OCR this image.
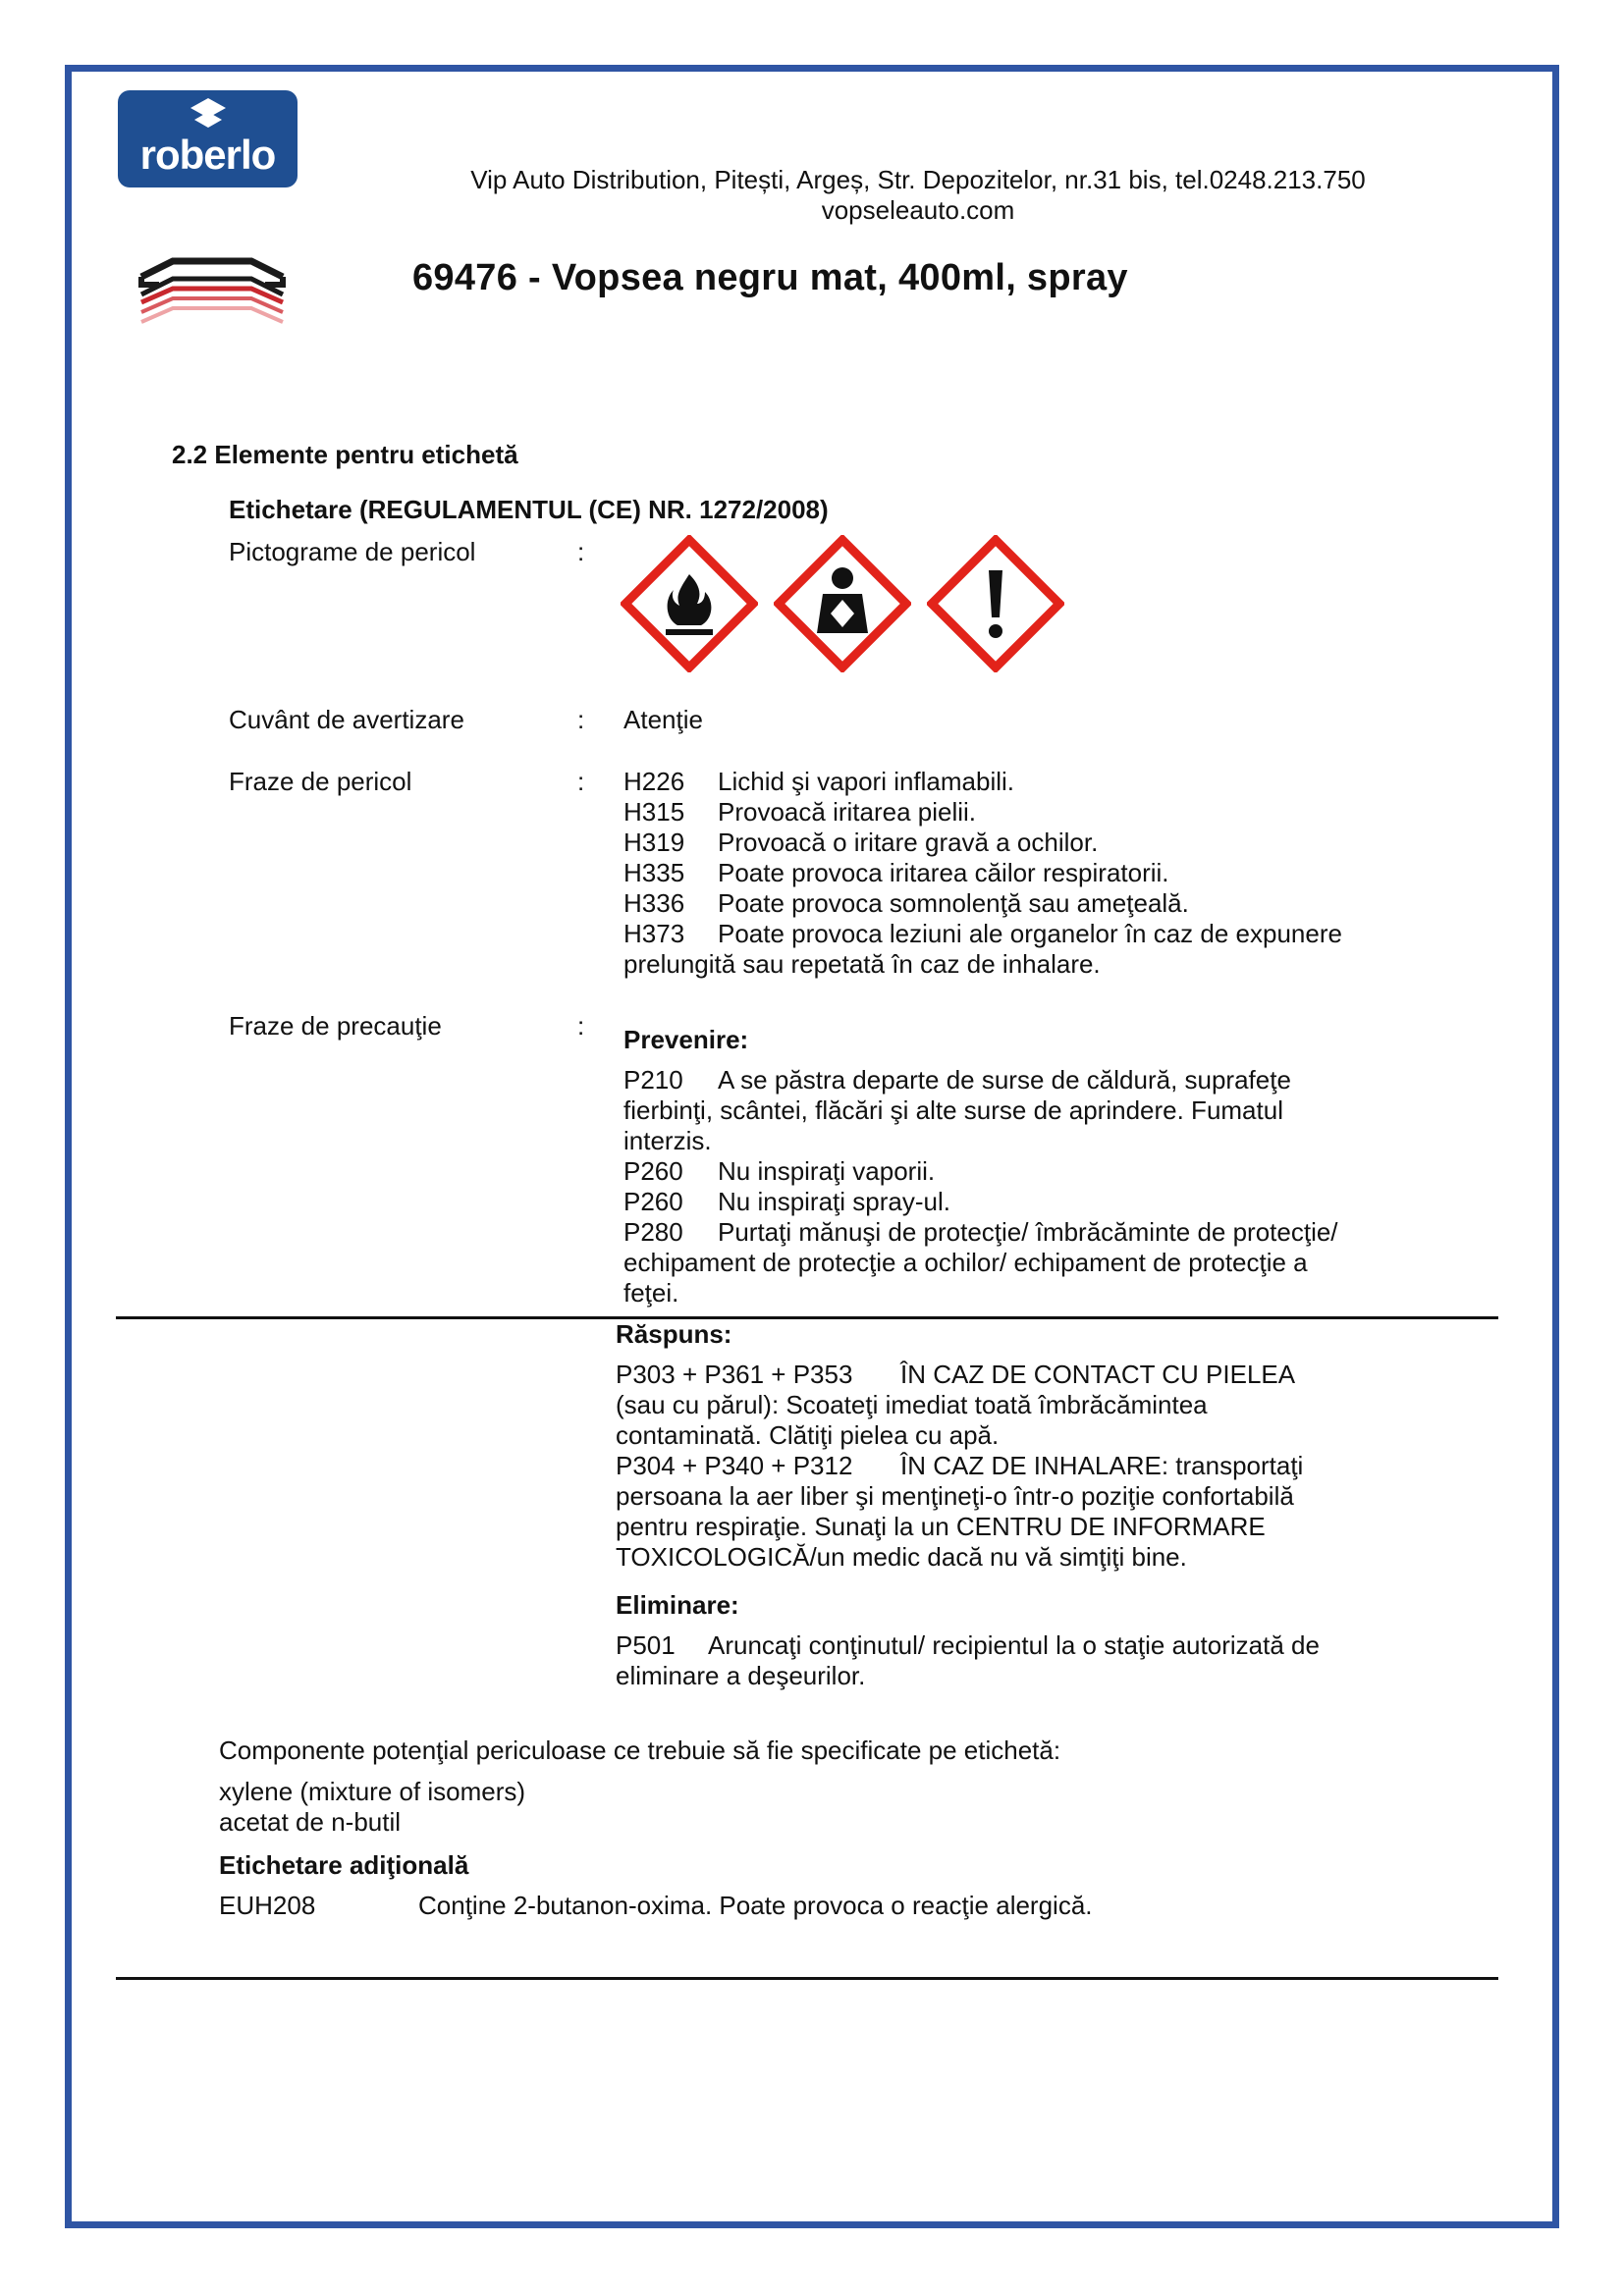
roberlo
Vip Auto Distribution, Pitești, Argeș, Str. Depozitelor, nr.31 bis, tel.0248.213.750
vopseleauto.com
69476 - Vopsea negru mat, 400ml, spray
2.2 Elemente pentru etichetă
Etichetare (REGULAMENTUL (CE) NR. 1272/2008)
Pictograme de pericol	:
Cuvânt de avertizare	: Atenţie
Fraze de pericol	: H226 Lichid şi vapori inflamabili.
H315 Provoacă iritarea pielii.
H319 Provoacă o iritare gravă a ochilor.
H335 Poate provoca iritarea căilor respiratorii.
H336 Poate provoca somnolenţă sau ameţeală.
H373 Poate provoca leziuni ale organelor în caz de expunere
prelungită sau repetată în caz de inhalare.
Fraze de precauţie	: Prevenire:
P210 A se păstra departe de surse de căldură, suprafeţe
fierbinţi, scântei, flăcări şi alte surse de aprindere. Fumatul
interzis.
P260 Nu inspiraţi vaporii.
P260 Nu inspiraţi spray-ul.
P280 Purtaţi mănuşi de protecţie/ îmbrăcăminte de protecţie/
echipament de protecţie a ochilor/ echipament de protecţie a
feţei.
Răspuns:
P303 + P361 + P353 ÎN CAZ DE CONTACT CU PIELEA
(sau cu părul): Scoateţi imediat toată îmbrăcămintea
contaminată. Clătiţi pielea cu apă.
P304 + P340 + P312 ÎN CAZ DE INHALARE: transportaţi
persoana la aer liber şi menţineţi-o într-o poziţie confortabilă
pentru respiraţie. Sunaţi la un CENTRU DE INFORMARE
TOXICOLOGICĂ/un medic dacă nu vă simţiţi bine.
Eliminare:
P501 Aruncaţi conţinutul/ recipientul la o staţie autorizată de
eliminare a deşeurilor.
Componente potenţial periculoase ce trebuie să fie specificate pe etichetă:
xylene (mixture of isomers)
acetat de n-butil
Etichetare adiţională
EUH208	Conţine 2-butanon-oxima. Poate provoca o reacţie alergică.
